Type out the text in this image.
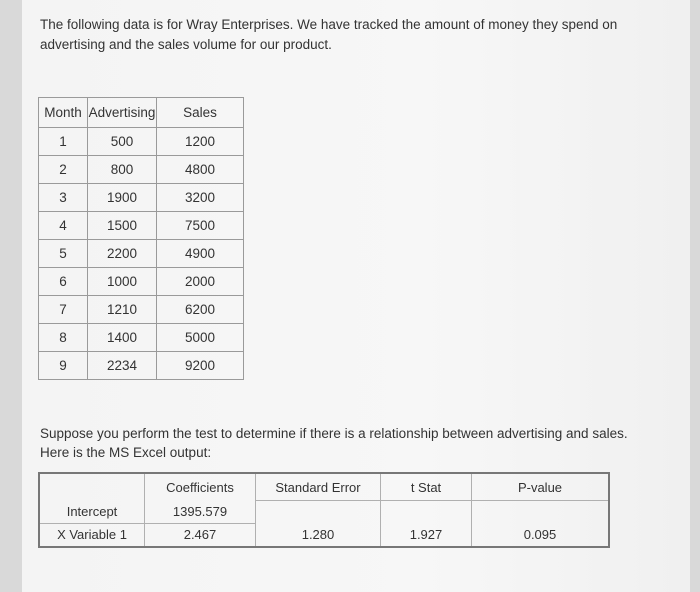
The following data is for Wray Enterprises. We have tracked the amount of money they spend on
advertising and the sales volume for our product.
Month	Advertising	Sales
1	500	1200
2	800	4800
3	1900	3200
4	1500	7500
5	2200	4900
6	1000	2000
7	1210	6200
8	1400	5000
9	2234	9200
Suppose you perform the test to determine if there is a relationship between advertising and sales.
Here is the MS Excel output:
	Coefficients	Standard Error	t Stat	P-value
Intercept	1395.579			
X Variable 1	2.467	1.280	1.927	0.095
